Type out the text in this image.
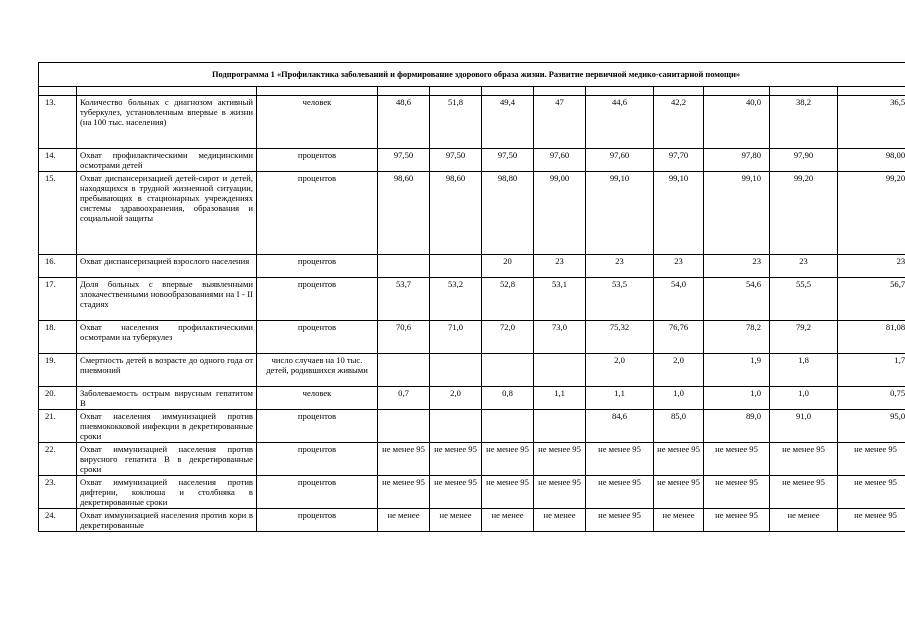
Подпрограмма 1 «Профилактика заболеваний и формирование здорового образа жизни. Развитие первичной медико-санитарной помощи»											

13.	Количество больных с диагнозом активный туберкулез, установленным впервые в жизни (на 100 тыс. населения)	человек	48,6	51,8	49,4	47	44,6	42,2	40,0	38,2	36,5
14.	Охват профилактическими медицинскими осмотрами детей	процентов	97,50	97,50	97,50	97,60	97,60	97,70	97,80	97,90	98,00
15.	Охват диспансеризацией детей-сирот и детей, находящихся в трудной жизненной ситуации, пребывающих в стационарных учреждениях системы здравоохранения, образования и социальной защиты	процентов	98,60	98,60	98,80	99,00	99,10	99,10	99,10	99,20	99,20
16.	Охват диспансеризацией взрослого населения	процентов			20	23	23	23	23	23	23
17.	Доля больных с впервые выявленными злокачественными новообразованиями на I - II стадиях	процентов	53,7	53,2	52,8	53,1	53,5	54,0	54,6	55,5	56,7
18.	Охват населения профилактическими осмотрами на туберкулез	процентов	70,6	71,0	72,0	73,0	75,32	76,76	78,2	79,2	81,08
19.	Смертность детей в возрасте до одного года от пневмоний	число случаев на 10 тыс. детей, родившихся живыми					2,0	2,0	1,9	1,8	1,7
20.	Заболеваемость острым вирусным гепатитом В	человек	0,7	2,0	0,8	1,1	1,1	1,0	1,0	1,0	0,75
21.	Охват населения иммунизацией против пневмококковой инфекции в декретированные сроки	процентов					84,6	85,0	89,0	91,0	95,0
22.	Охват иммунизацией населения против вирусного гепатита В в декретированные сроки	процентов	не менее 95	не менее 95	не менее 95	не менее 95	не менее 95	не менее 95	не менее 95	не менее 95	не менее 95
23.	Охват иммунизацией населения против дифтерии, коклюша и столбняка в декретированные сроки	процентов	не менее 95	не менее 95	не менее 95	не менее 95	не менее 95	не менее 95	не менее 95	не менее 95	не менее 95
24.	Охват иммунизацией населения против кори в декретированные	процентов	не менее	не менее	не менее	не менее	не менее 95	не менее	не менее 95	не менее	не менее 95
